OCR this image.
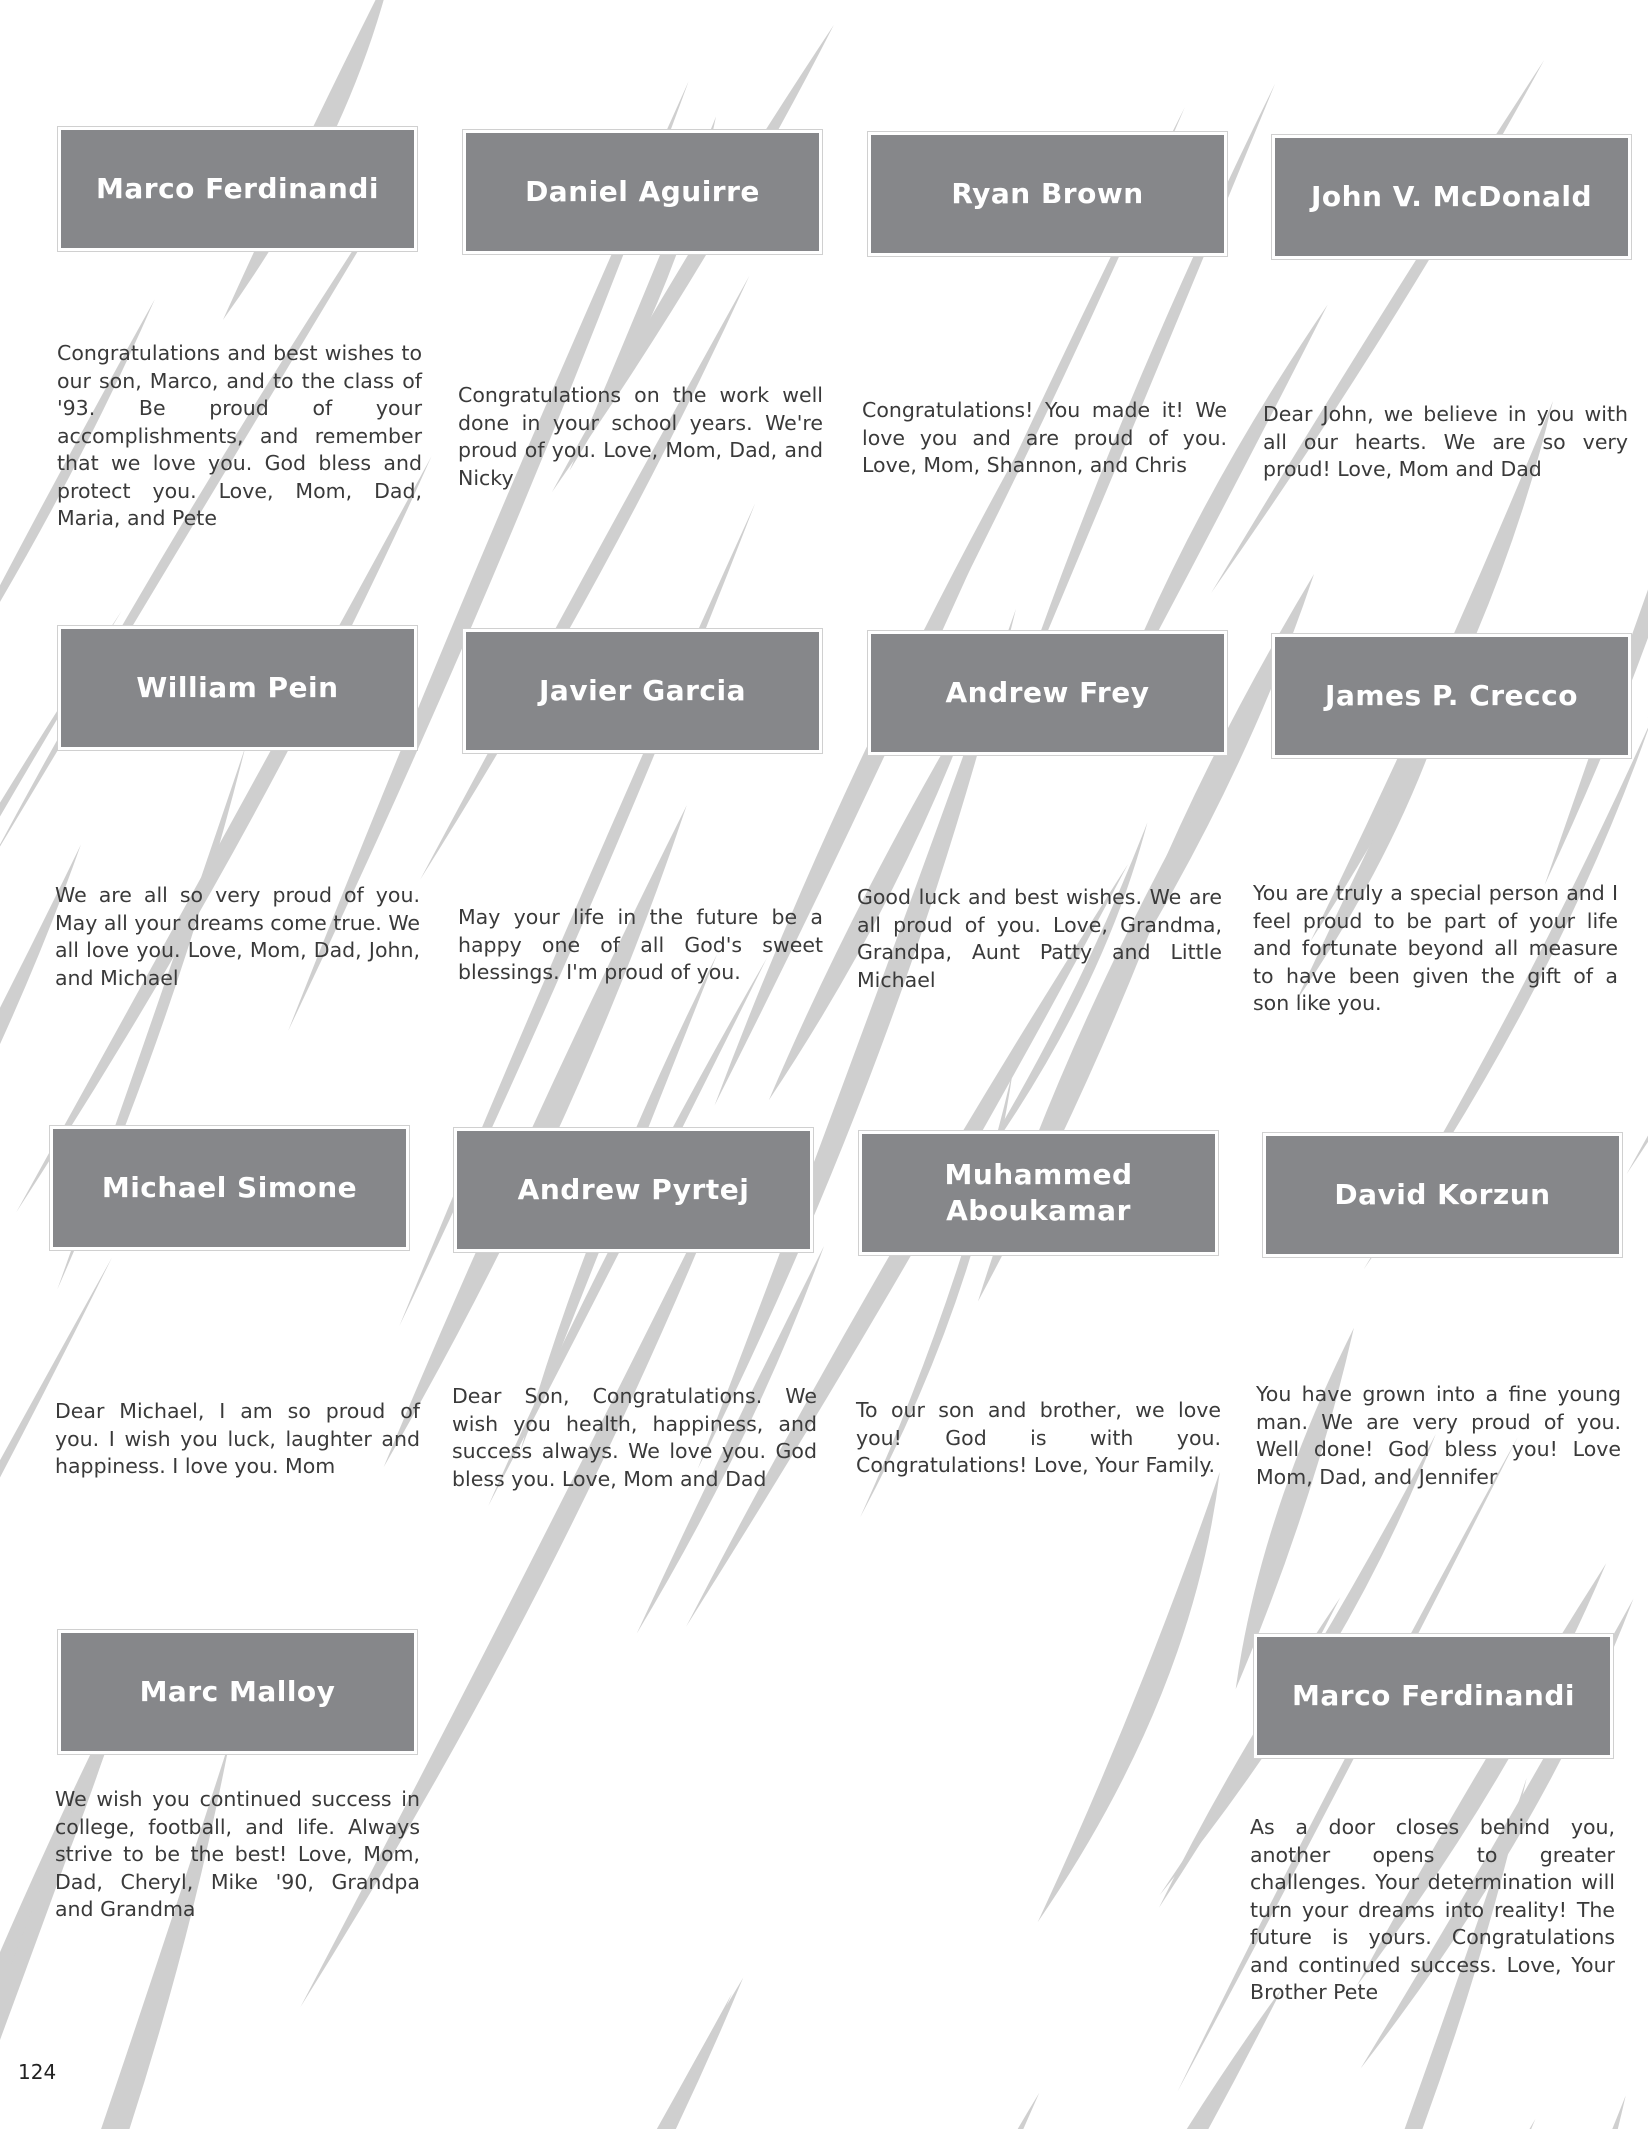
Marco Ferdinandi
Congratulations and best wishes to our son, Marco, and to the class of '93. Be proud of your accomplishments, and remember that we love you. God bless and protect you. Love, Mom, Dad, Maria, and Pete
Daniel Aguirre
Congratulations on the work well done in your school years. We're proud of you. Love, Mom, Dad, and Nicky
Ryan Brown
Congratulations! You made it! We love you and are proud of you. Love, Mom, Shannon, and Chris
John V. McDonald
Dear John, we believe in you with all our hearts. We are so very proud! Love, Mom and Dad
William Pein
We are all so very proud of you. May all your dreams come true. We all love you. Love, Mom, Dad, John, and Michael
Javier Garcia
May your life in the future be a happy one of all God's sweet blessings. I'm proud of you.
Andrew Frey
Good luck and best wishes. We are all proud of you. Love, Grandma, Grandpa, Aunt Patty and Little Michael
James P. Crecco
You are truly a special person and I feel proud to be part of your life and fortunate beyond all measure to have been given the gift of a son like you.
Michael Simone
Dear Michael, I am so proud of you. I wish you luck, laughter and happiness. I love you. Mom
Andrew Pyrtej
Dear Son, Congratulations. We wish you health, happiness, and success always. We love you. God bless you. Love, Mom and Dad
Muhammed Aboukamar
To our son and brother, we love you! God is with you. Congratulations! Love, Your Family.
David Korzun
You have grown into a fine young man. We are very proud of you. Well done! God bless you! Love Mom, Dad, and Jennifer
Marc Malloy
We wish you continued success in college, football, and life. Always strive to be the best! Love, Mom, Dad, Cheryl, Mike '90, Grandpa and Grandma
Marco Ferdinandi
As a door closes behind you, another opens to greater challenges. Your determination will turn your dreams into reality! The future is yours. Congratulations and continued success. Love, Your Brother Pete
124
